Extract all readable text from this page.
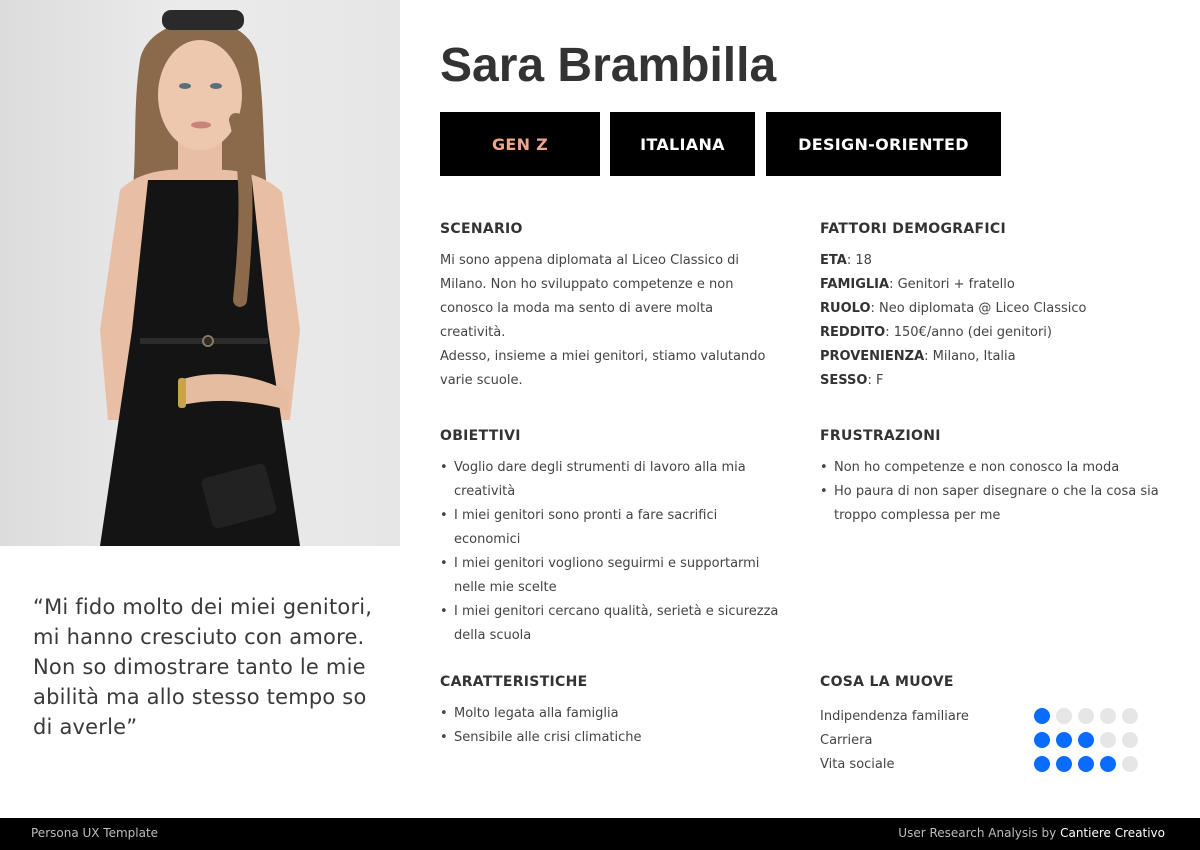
“Mi fido molto dei miei genitori, mi hanno cresciuto con amore. Non so dimostrare tanto le mie abilità ma allo stesso tempo so di averle”
Sara Brambilla
GEN Z	ITALIANA	DESIGN-ORIENTED
SCENARIO

Mi sono appena diplomata al Liceo Classico di Milano. Non ho sviluppato competenze e non conosco la moda ma sento di avere molta creatività.

Adesso, insieme a miei genitori, stiamo valutando varie scuole.

FATTORI DEMOGRAFICI
ETA: 18
FAMIGLIA: Genitori + fratello
RUOLO: Neo diplomata @ Liceo Classico
REDDITO: 150€/anno (dei genitori)
PROVENIENZA: Milano, Italia
SESSO: F
OBIETTIVI
• Voglio dare degli strumenti di lavoro alla mia creatività
• I miei genitori sono pronti a fare sacrifici economici
• I miei genitori vogliono seguirmi e supportarmi nelle mie scelte
• I miei genitori cercano qualità, serietà e sicurezza della scuola
FRUSTRAZIONI
• Non ho competenze e non conosco la moda
• Ho paura di non saper disegnare o che la cosa sia troppo complessa per me
CARATTERISTICHE
• Molto legata alla famiglia
• Sensibile alle crisi climatiche
COSA LA MUOVE
Indipendenza familiare
Carriera
Vita sociale
Persona UX Template	User Research Analysis by Cantiere Creativo
